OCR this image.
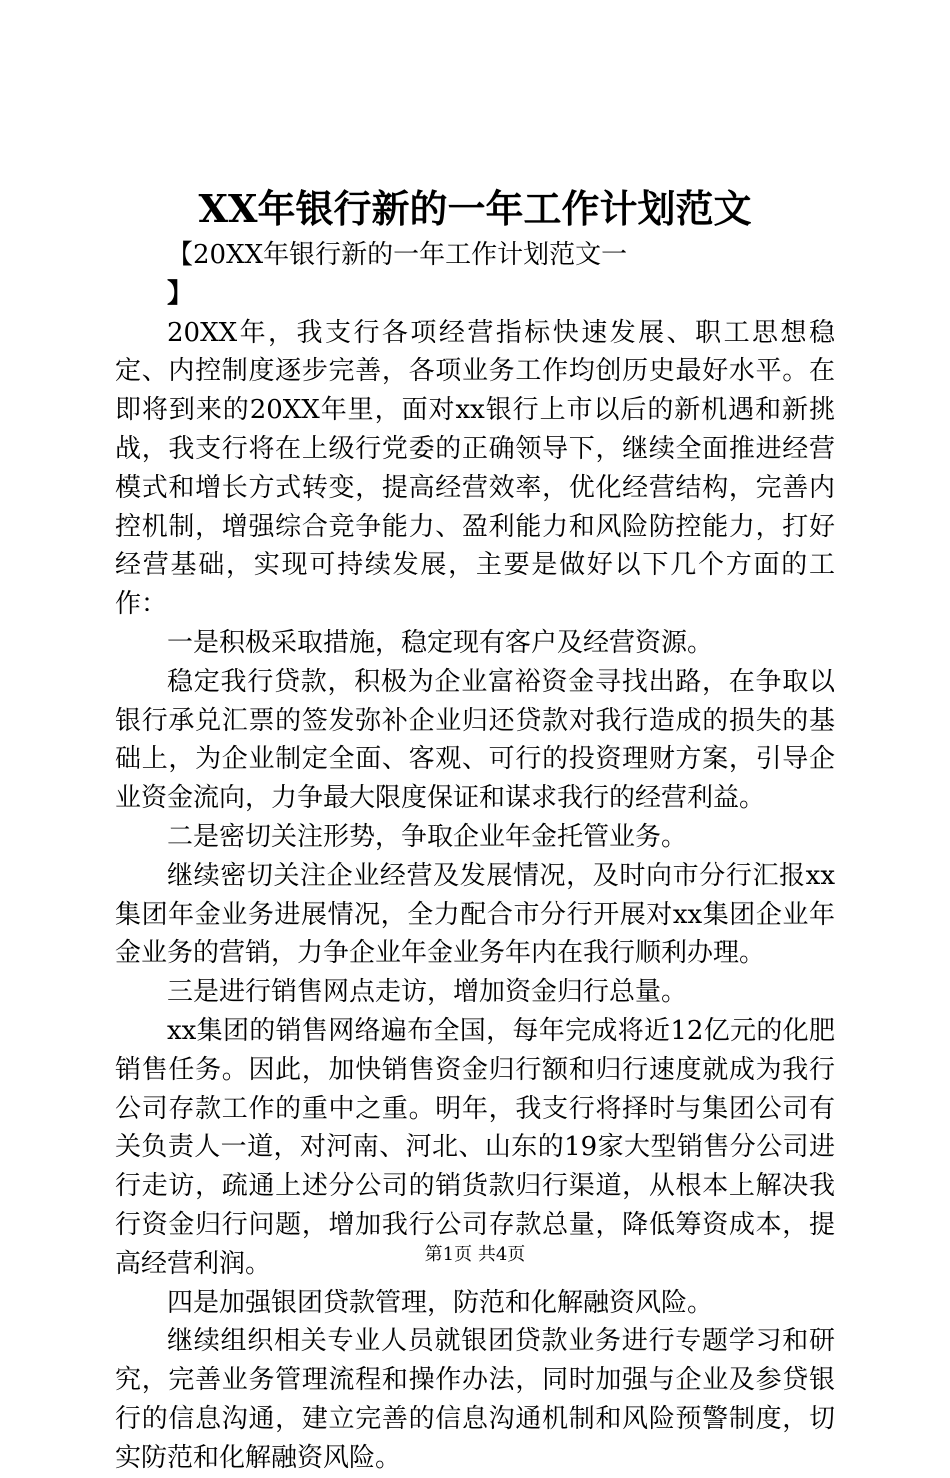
XX年银行新的一年工作计划范文

【20XX年银行新的一年工作计划范文一

】

20XX年，我支行各项经营指标快速发展、职工思想稳定、内控制度逐步完善，各项业务工作均创历史最好水平。在即将到来的20XX年里，面对xx银行上市以后的新机遇和新挑战，我支行将在上级行党委的正确领导下，继续全面推进经营模式和增长方式转变，提高经营效率，优化经营结构，完善内控机制，增强综合竞争能力、盈利能力和风险防控能力，打好经营基础，实现可持续发展，主要是做好以下几个方面的工作：

一是积极采取措施，稳定现有客户及经营资源。

稳定我行贷款，积极为企业富裕资金寻找出路，在争取以银行承兑汇票的签发弥补企业归还贷款对我行造成的损失的基础上，为企业制定全面、客观、可行的投资理财方案，引导企业资金流向，力争最大限度保证和谋求我行的经营利益。

二是密切关注形势，争取企业年金托管业务。

继续密切关注企业经营及发展情况，及时向市分行汇报xx集团年金业务进展情况，全力配合市分行开展对xx集团企业年金业务的营销，力争企业年金业务年内在我行顺利办理。

三是进行销售网点走访，增加资金归行总量。

xx集团的销售网络遍布全国，每年完成将近12亿元的化肥销售任务。因此，加快销售资金归行额和归行速度就成为我行公司存款工作的重中之重。明年，我支行将择时与集团公司有关负责人一道，对河南、河北、山东的19家大型销售分公司进行走访，疏通上述分公司的销货款归行渠道，从根本上解决我行资金归行问题，增加我行公司存款总量，降低筹资成本，提高经营利润。

四是加强银团贷款管理，防范和化解融资风险。

继续组织相关专业人员就银团贷款业务进行专题学习和研究，完善业务管理流程和操作办法，同时加强与企业及参贷银行的信息沟通，建立完善的信息沟通机制和风险预警制度，切实防范和化解融资风险。

第1页 共4页
